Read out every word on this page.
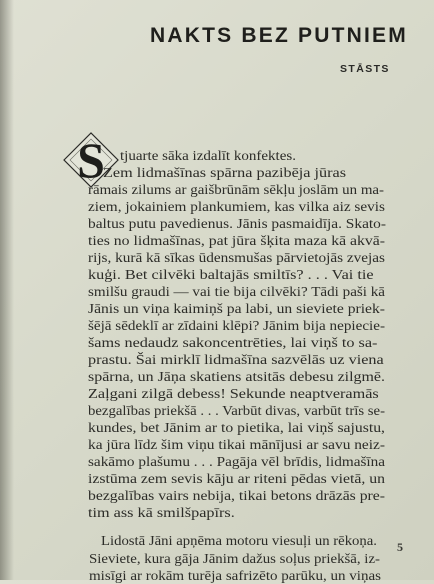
NAKTS BEZ PUTNIEM
STĀSTS
S tjuarte sāka izdalīt konfektes.
Zem lidmašīnas spārna pazibēja jūras
rāmais zilums ar gaišbrūnām sēkļu joslām un ma-
ziem, jokainiem plankumiem, kas vilka aiz sevis
baltus putu pavedienus. Jānis pasmaidīja. Skato-
ties no lidmašīnas, pat jūra šķita maza kā akvā-
rijs, kurā kā sīkas ūdensmušas pārvietojās zvejas
kuģi. Bet cilvēki baltajās smiltīs? . . . Vai tie
smilšu graudi — vai tie bija cilvēki? Tādi paši kā
Jānis un viņa kaimiņš pa labi, un sieviete priek-
šējā sēdeklī ar zīdaini klēpi? Jānim bija nepiecie-
šams nedaudz sakoncentrēties, lai viņš to sa-
prastu. Šai mirklī lidmašīna sazvēlās uz viena
spārna, un Jāņa skatiens atsitās debesu zilgmē.
Zaļgani zilgā debess! Sekunde neaptveramās
bezgalības priekšā . . . Varbūt divas, varbūt trīs se-
kundes, bet Jānim ar to pietika, lai viņš sajustu,
ka jūra līdz šim viņu tikai mānījusi ar savu neiz-
sakāmo plašumu . . . Pagāja vēl brīdis, lidmašīna
izstūma zem sevis kāju ar riteni pēdas vietā, un
bezgalības vairs nebija, tikai betons drāzās pre-
tim ass kā smilšpapīrs.
Lidostā Jāni apņēma motoru viesuļi un rēkoņa.
Sieviete, kura gāja Jānim dažus soļus priekšā, iz-
misīgi ar rokām turēja safrizēto parūku, un viņas
5
